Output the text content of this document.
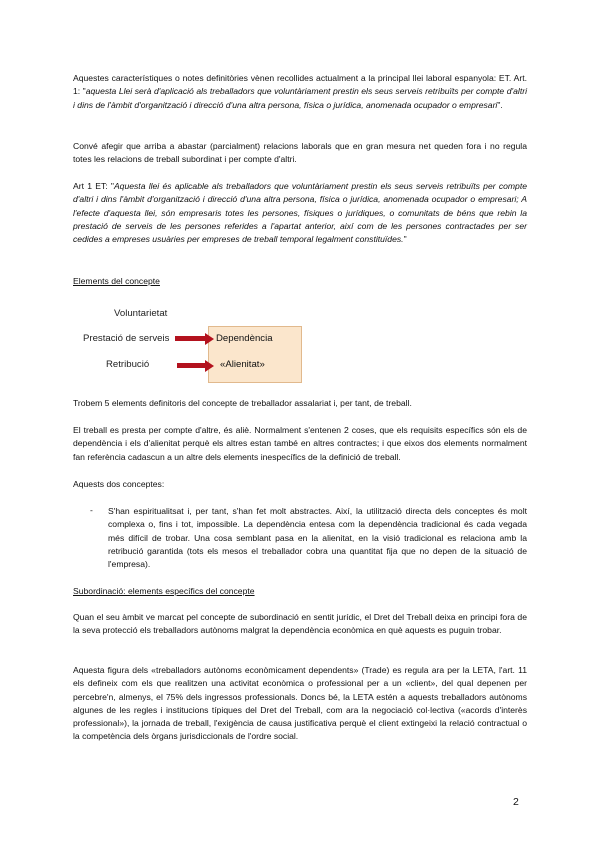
Aquestes característiques o notes definitòries vènen recollides actualment a la principal llei laboral espanyola: ET. Art. 1: "aquesta Llei serà d'aplicació als treballadors que voluntàriament prestin els seus serveis retribuïts per compte d'altri i dins de l'àmbit d'organització i direcció d'una altra persona, física o jurídica, anomenada ocupador o empresari".

Convé afegir que arriba a abastar (parcialment) relacions laborals que en gran mesura net queden fora i no regula totes les relacions de treball subordinat i per compte d'altri.

Art 1 ET: "Aquesta llei és aplicable als treballadors que voluntàriament prestin els seus serveis retribuïts per compte d'altri i dins l'àmbit d'organització i direcció d'una altra persona, física o jurídica, anomenada ocupador o empresari; A l'efecte d'aquesta llei, són empresaris totes les persones, físiques o jurídiques, o comunitats de béns que rebin la prestació de serveis de les persones referides a l'apartat anterior, així com de les persones contractades per ser cedides a empreses usuàries per empreses de treball temporal legalment constituïdes."

Elements del concepte

Voluntarietat
Prestació de serveis
Retribució
Dependència
«Alienitat»

Trobem 5 elements definitoris del concepte de treballador assalariat i, per tant, de treball.

El treball es presta per compte d'altre, és aliè. Normalment s'entenen 2 coses, que els requisits específics són els de dependència i els d'alienitat perquè els altres estan també en altres contractes; i que eixos dos elements normalment fan referència cadascun a un altre dels elements inespecífics de la definició de treball.

Aquests dos conceptes:

- S'han espiritualitsat i, per tant, s'han fet molt abstractes. Així, la utilització directa dels conceptes és molt complexa o, fins i tot, impossible. La dependència entesa com la dependència tradicional és cada vegada més difícil de trobar. Una cosa semblant pasa en la alienitat, en la visió tradicional es relaciona amb la retribució garantida (tots els mesos el treballador cobra una quantitat fija que no depen de la situació de l'empresa).

Subordinació: elements específics del concepte

Quan el seu àmbit ve marcat pel concepte de subordinació en sentit jurídic, el Dret del Treball deixa en principi fora de la seva protecció els treballadors autònoms malgrat la dependència econòmica en què aquests es puguin trobar.

Aquesta figura dels «treballadors autònoms econòmicament dependents» (Trade) es regula ara per la LETA, l'art. 11 els defineix com els que realitzen una activitat econòmica o professional per a un «client», del qual depenen per percebre'n, almenys, el 75% dels ingressos professionals. Doncs bé, la LETA estén a aquests treballadors autònoms algunes de les regles i institucions típiques del Dret del Treball, com ara la negociació col·lectiva («acords d'interès professional»), la jornada de treball, l'exigència de causa justificativa perquè el client extingeixi la relació contractual o la competència dels òrgans jurisdiccionals de l'ordre social.

2
